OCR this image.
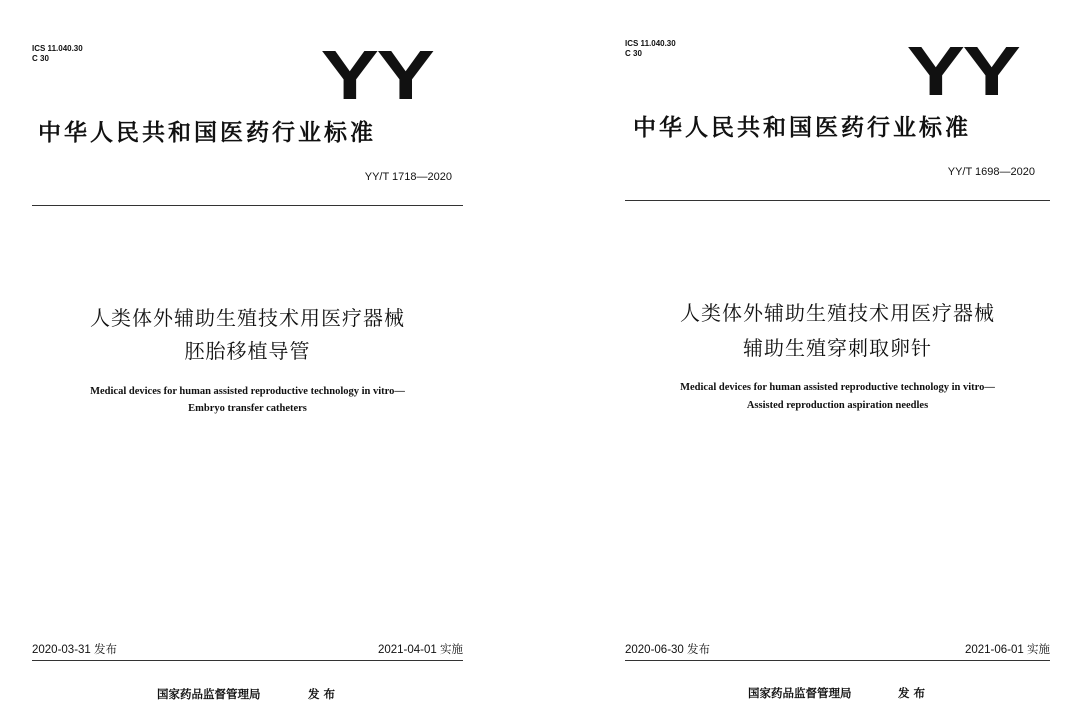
ICS 11.040.30

C 30	YY

中华人民共和国医药行业标准

YY/T 1718—2020

人类体外辅助生殖技术用医疗器械

胚胎移植导管

Medical devices for human assisted reproductive technology in vitro—

Embryo transfer catheters

2020-03-31 发布	2021-04-01 实施

国家药品监督管理局	发 布

ICS 11.040.30

C 30	YY

中华人民共和国医药行业标准

YY/T 1698—2020

人类体外辅助生殖技术用医疗器械

辅助生殖穿刺取卵针

Medical devices for human assisted reproductive technology in vitro—

Assisted reproduction aspiration needles

2020-06-30 发布	2021-06-01 实施

国家药品监督管理局	发 布
